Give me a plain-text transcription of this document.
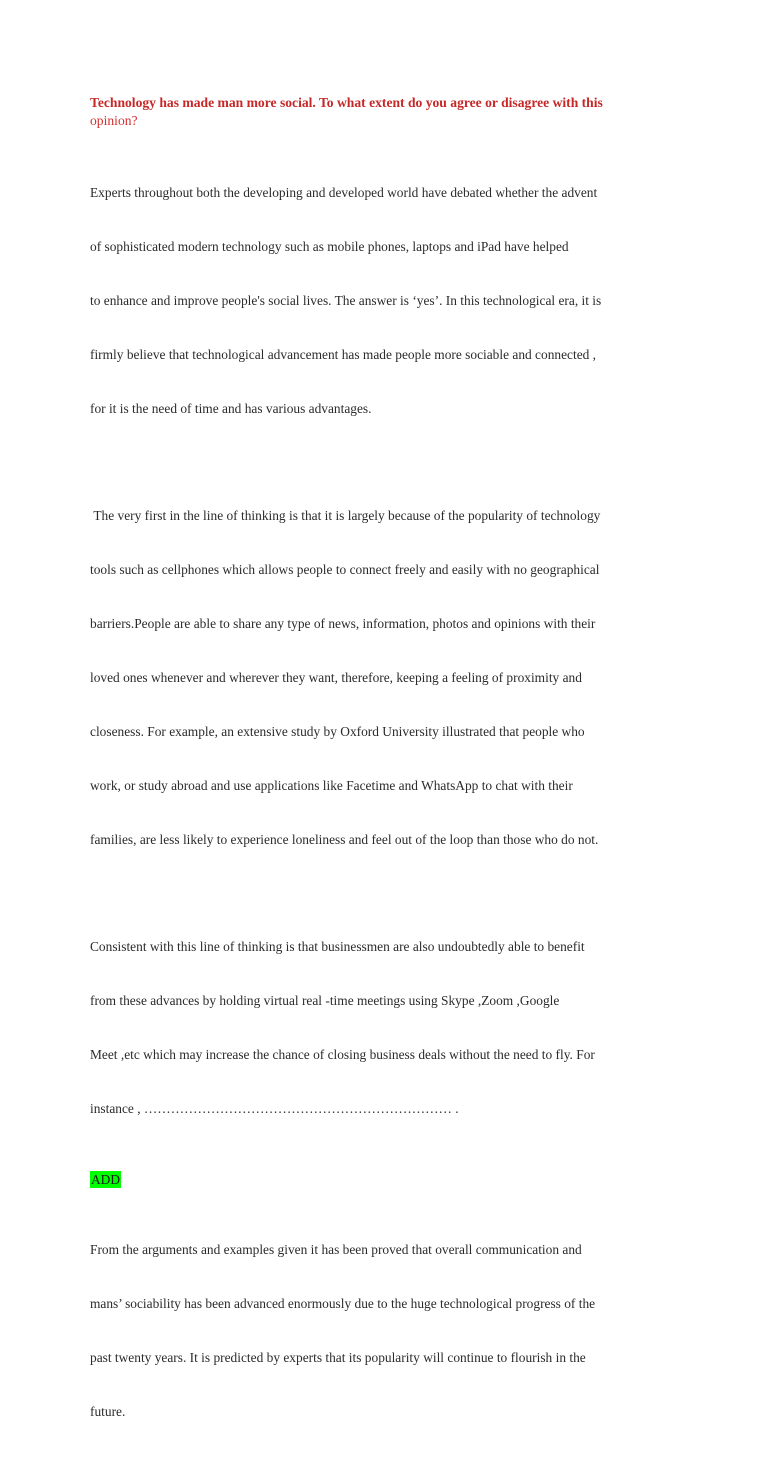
Technology has made man more social. To what extent do you agree or disagree with this
opinion?

Experts throughout both the developing and developed world have debated whether the advent

of sophisticated modern technology such as mobile phones, laptops and iPad have helped

to enhance and improve people's social lives. The answer is ‘yes’. In this technological era, it is

firmly believe that technological advancement has made people more sociable and connected ,

for it is the need of time and has various advantages.

The very first in the line of thinking is that it is largely because of the popularity of technology

tools such as cellphones which allows people to connect freely and easily with no geographical

barriers.People are able to share any type of news, information, photos and opinions with their

loved ones whenever and wherever they want, therefore, keeping a feeling of proximity and

closeness. For example, an extensive study by Oxford University illustrated that people who

work, or study abroad and use applications like Facetime and WhatsApp to chat with their

families, are less likely to experience loneliness and feel out of the loop than those who do not.

Consistent with this line of thinking is that businessmen are also undoubtedly able to benefit

from these advances by holding virtual real -time meetings using Skype ,Zoom ,Google

Meet ,etc which may increase the chance of closing business deals without the need to fly. For

instance , …………………………………………………………… .

ADD

From the arguments and examples given it has been proved that overall communication and

mans’ sociability has been advanced enormously due to the huge technological progress of the

past twenty years. It is predicted by experts that its popularity will continue to flourish in the

future.
